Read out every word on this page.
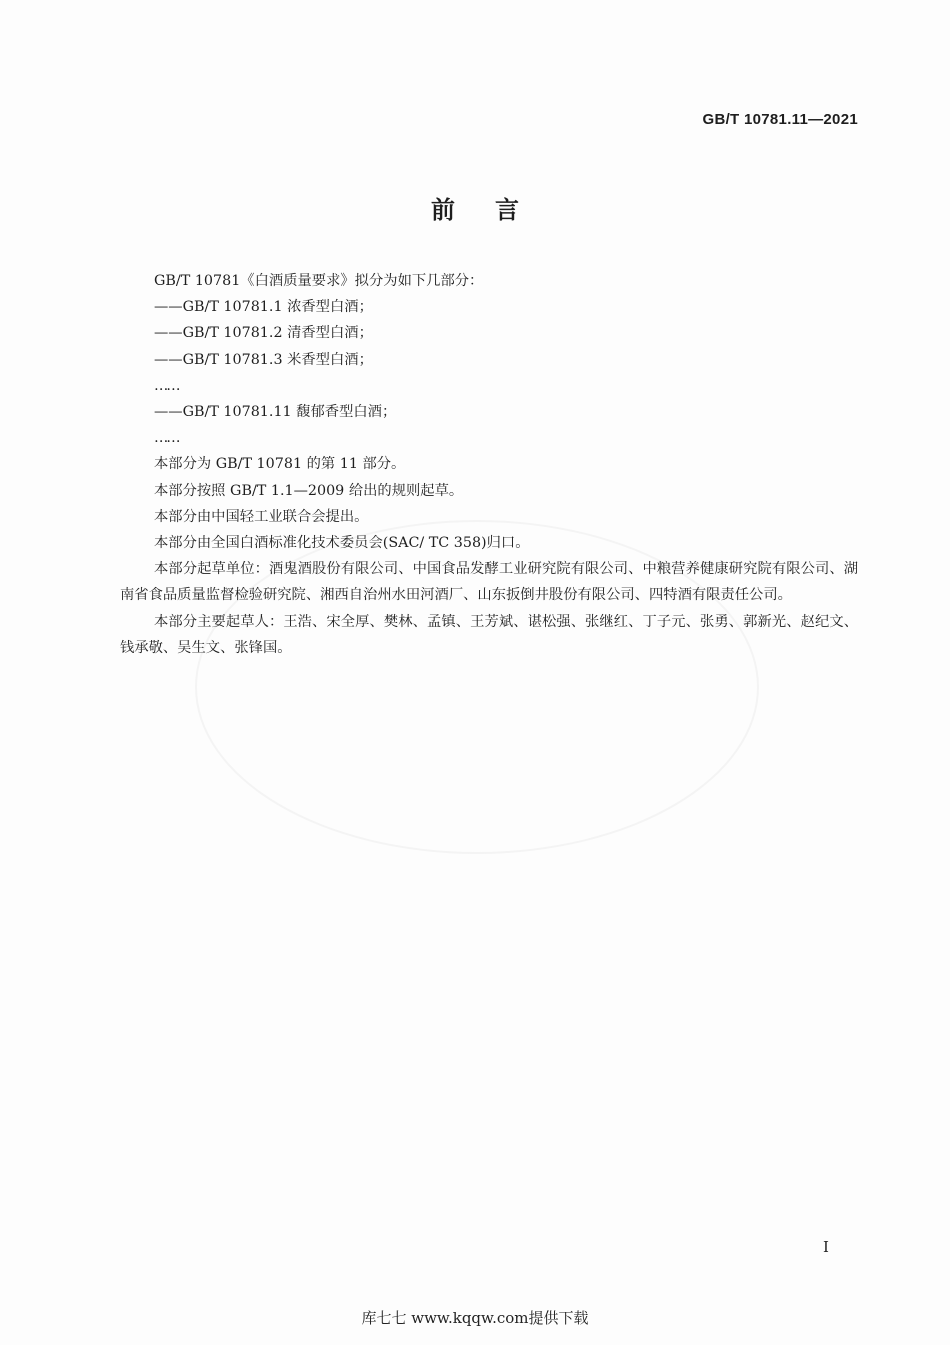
GB/T 10781.11—2021
前言

GB/T 10781《白酒质量要求》拟分为如下几部分：

——GB/T 10781.1 浓香型白酒；

——GB/T 10781.2 清香型白酒；

——GB/T 10781.3 米香型白酒；

……

——GB/T 10781.11 馥郁香型白酒；

……

本部分为 GB/T 10781 的第 11 部分。

本部分按照 GB/T 1.1—2009 给出的规则起草。

本部分由中国轻工业联合会提出。

本部分由全国白酒标准化技术委员会(SAC/ TC 358)归口。

本部分起草单位：酒鬼酒股份有限公司、中国食品发酵工业研究院有限公司、中粮营养健康研究院有限公司、湖南省食品质量监督检验研究院、湘西自治州水田河酒厂、山东扳倒井股份有限公司、四特酒有限责任公司。

本部分主要起草人：王浩、宋全厚、樊林、孟镇、王芳斌、谌松强、张继红、丁子元、张勇、郭新光、赵纪文、钱承敬、吴生文、张锋国。

I
库七七 www.kqqw.com提供下载
